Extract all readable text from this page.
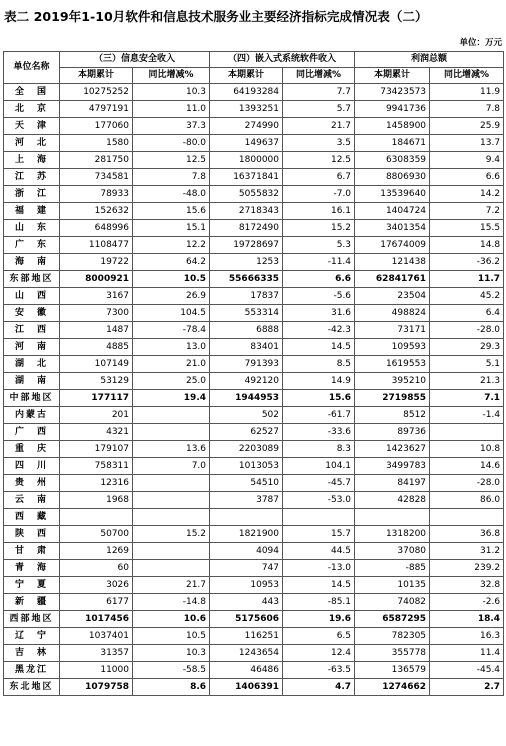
表二 2019年1-10月软件和信息技术服务业主要经济指标完成情况表（二）
单位：万元
单位名称	（三）信息安全收入		（四）嵌入式系统软件收入		利润总额	
	本期累计	同比增减%	本期累计	同比增减%	本期累计	同比增减%
全　国	10275252	10.3	64193284	7.7	73423573	11.9
北　京	4797191	11.0	1393251	5.7	9941736	7.8
天　津	177060	37.3	274990	21.7	1458900	25.9
河　北	1580	-80.0	149637	3.5	184671	13.7
上　海	281750	12.5	1800000	12.5	6308359	9.4
江　苏	734581	7.8	16371841	6.7	8806930	6.6
浙　江	78933	-48.0	5055832	-7.0	13539640	14.2
福　建	152632	15.6	2718343	16.1	1404724	7.2
山　东	648996	15.1	8172490	15.2	3401354	15.5
广　东	1108477	12.2	19728697	5.3	17674009	14.8
海　南	19722	64.2	1253	-11.4	121438	-36.2
东部地区	8000921	10.5	55666335	6.6	62841761	11.7
山　西	3167	26.9	17837	-5.6	23504	45.2
安　徽	7300	104.5	553314	31.6	498824	6.4
江　西	1487	-78.4	6888	-42.3	73171	-28.0
河　南	4885	13.0	83401	14.5	109593	29.3
湖　北	107149	21.0	791393	8.5	1619553	5.1
湖　南	53129	25.0	492120	14.9	395210	21.3
中部地区	177117	19.4	1944953	15.6	2719855	7.1
内蒙古	201		502	-61.7	8512	-1.4
广　西	4321		62527	-33.6	89736	
重　庆	179107	13.6	2203089	8.3	1423627	10.8
四　川	758311	7.0	1013053	104.1	3499783	14.6
贵　州	12316		54510	-45.7	84197	-28.0
云　南	1968		3787	-53.0	42828	86.0
西　藏						
陕　西	50700	15.2	1821900	15.7	1318200	36.8
甘　肃	1269		4094	44.5	37080	31.2
青　海	60		747	-13.0	-885	239.2
宁　夏	3026	21.7	10953	14.5	10135	32.8
新　疆	6177	-14.8	443	-85.1	74082	-2.6
西部地区	1017456	10.6	5175606	19.6	6587295	18.4
辽　宁	1037401	10.5	116251	6.5	782305	16.3
吉　林	31357	10.3	1243654	12.4	355778	11.4
黑龙江	11000	-58.5	46486	-63.5	136579	-45.4
东北地区	1079758	8.6	1406391	4.7	1274662	2.7
